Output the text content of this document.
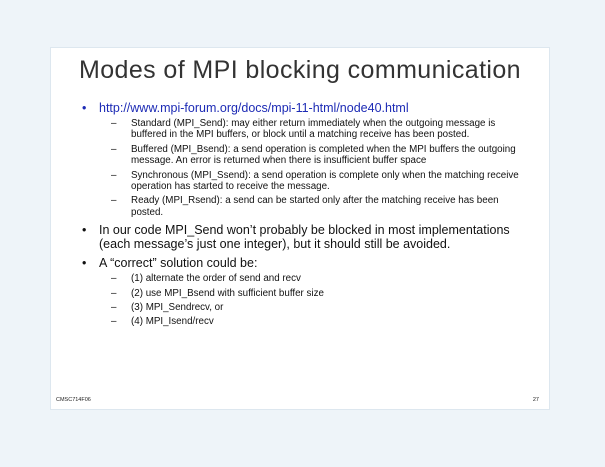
Modes of MPI blocking communication
• http://www.mpi-forum.org/docs/mpi-11-html/node40.html
– Standard (MPI_Send): may either return immediately when the outgoing message is buffered in the MPI buffers, or block until a matching receive has been posted.
– Buffered (MPI_Bsend): a send operation is completed when the MPI buffers the outgoing message. An error is returned when there is insufficient buffer space
– Synchronous (MPI_Ssend): a send operation is complete only when the matching receive operation has started to receive the message.
– Ready (MPI_Rsend): a send can be started only after the matching receive has been posted.
• In our code MPI_Send won’t probably be blocked in most implementations (each message’s just one integer), but it should still be avoided.
• A “correct” solution could be:
– (1) alternate the order of send and recv
– (2) use MPI_Bsend with sufficient buffer size
– (3) MPI_Sendrecv, or
– (4) MPI_Isend/recv
CMSC714F06	27
